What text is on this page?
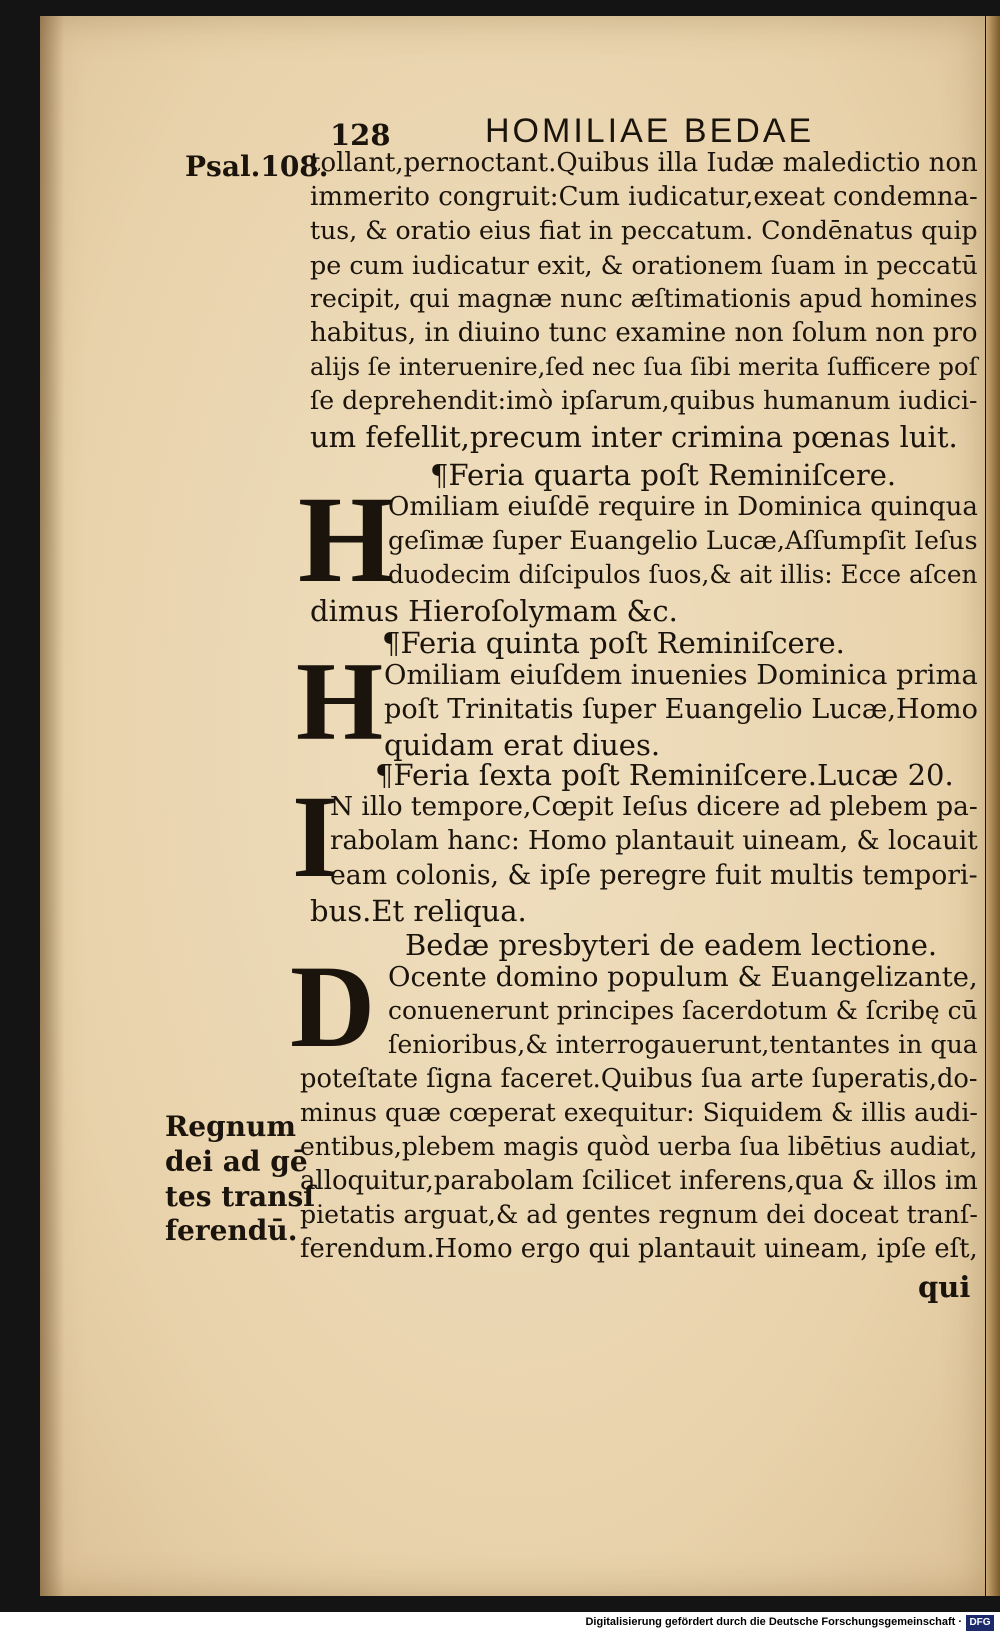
128	HOMILIAE BEDAE
Psal.108.
Regnum
dei ad gē
tes transſ
ferendū.
tollant,pernoctant.Quibus illa Iudæ maledictio non
immerito congruit:Cum iudicatur,exeat condemna-
tus, & oratio eius fiat in peccatum. Condēnatus quip
pe cum iudicatur exit, & orationem ſuam in peccatū
recipit, qui magnæ nunc æſtimationis apud homines
habitus, in diuino tunc examine non ſolum non pro
alijs ſe interuenire,ſed nec ſua ſibi merita ſufficere poſ
ſe deprehendit:imò ipſarum,quibus humanum iudici-
um fefellit,precum inter crimina pœnas luit.
¶Feria quarta poſt Reminiſcere.
H
Omiliam eiuſdē require in Dominica quinqua
geſimæ ſuper Euangelio Lucæ,Aſſumpſit Ieſus
duodecim diſcipulos ſuos,& ait illis: Ecce aſcen
dimus Hieroſolymam &c.
¶Feria quinta poſt Reminiſcere.
H Omiliam eiuſdem inuenies Dominica prima
poſt Trinitatis ſuper Euangelio Lucæ,Homo
quidam erat diues.
¶Feria ſexta poſt Reminiſcere.Lucæ 20.
I
N illo tempore,Cœpit Ieſus dicere ad plebem pa-
rabolam hanc: Homo plantauit uineam, & locauit
eam colonis, & ipſe peregre fuit multis tempori-
bus.Et reliqua.
Bedæ presbyteri de eadem lectione.
D Ocente domino populum & Euangelizante,
conuenerunt principes ſacerdotum & ſcribę cū
ſenioribus,& interrogauerunt,tentantes in qua
poteſtate ſigna faceret.Quibus ſua arte ſuperatis,do-
minus quæ cœperat exequitur: Siquidem & illis audi-
entibus,plebem magis quòd uerba ſua libētius audiat,
alloquitur,parabolam ſcilicet inferens,qua & illos im
pietatis arguat,& ad gentes regnum dei doceat tranſ-
ferendum.Homo ergo qui plantauit uineam, ipſe eſt,
qui
Digitalisierung gefördert durch die Deutsche Forschungsgemeinschaft · DFG
